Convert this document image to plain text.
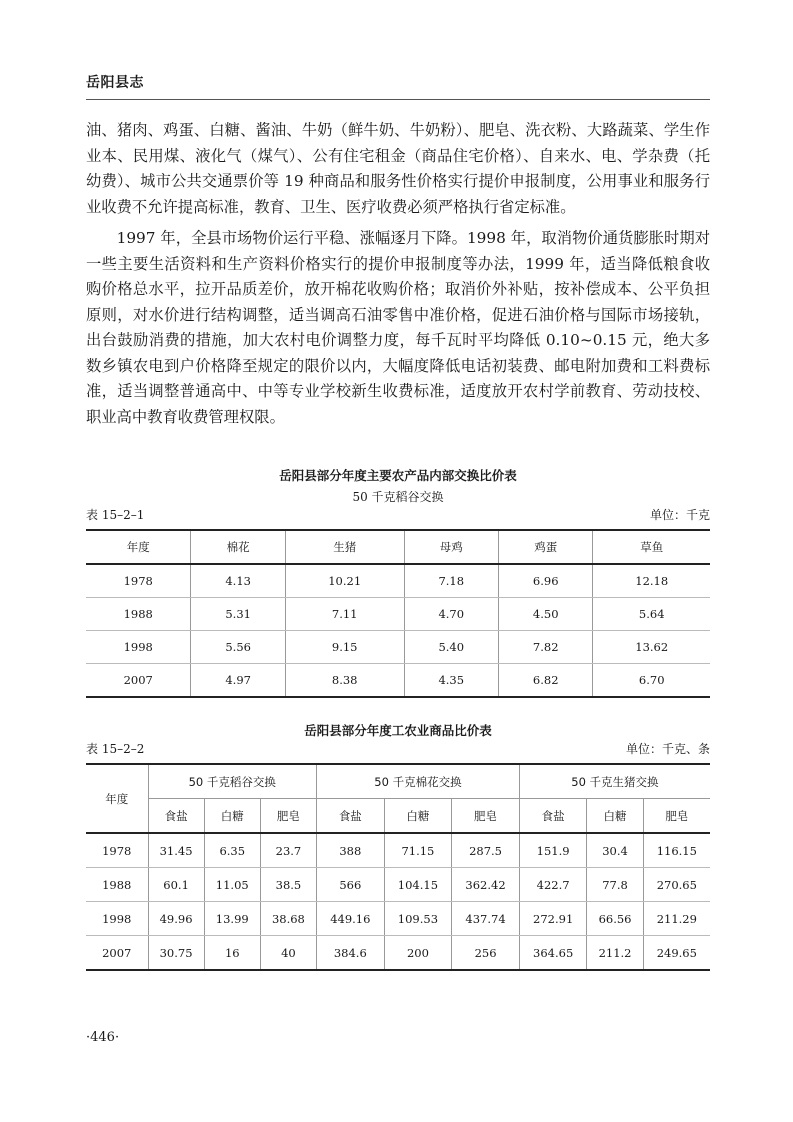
岳阳县志

油、猪肉、鸡蛋、白糖、酱油、牛奶（鲜牛奶、牛奶粉）、肥皂、洗衣粉、大路蔬菜、学生作业本、民用煤、液化气（煤气）、公有住宅租金（商品住宅价格）、自来水、电、学杂费（托幼费）、城市公共交通票价等 19 种商品和服务性价格实行提价申报制度，公用事业和服务行业收费不允许提高标准，教育、卫生、医疗收费必须严格执行省定标准。

1997 年，全县市场物价运行平稳、涨幅逐月下降。1998 年，取消物价通货膨胀时期对一些主要生活资料和生产资料价格实行的提价申报制度等办法，1999 年，适当降低粮食收购价格总水平，拉开品质差价，放开棉花收购价格；取消价外补贴，按补偿成本、公平负担原则，对水价进行结构调整，适当调高石油零售中准价格，促进石油价格与国际市场接轨，出台鼓励消费的措施，加大农村电价调整力度，每千瓦时平均降低 0.10~0.15 元，绝大多数乡镇农电到户价格降至规定的限价以内，大幅度降低电话初装费、邮电附加费和工料费标准，适当调整普通高中、中等专业学校新生收费标准，适度放开农村学前教育、劳动技校、职业高中教育收费管理权限。

岳阳县部分年度主要农产品内部交换比价表
50 千克稻谷交换
表 15–2–1	单位：千克
年度	棉花	生猪	母鸡	鸡蛋	草鱼
1978	4.13	10.21	7.18	6.96	12.18
1988	5.31	7.11	4.70	4.50	5.64
1998	5.56	9.15	5.40	7.82	13.62
2007	4.97	8.38	4.35	6.82	6.70
岳阳县部分年度工农业商品比价表
表 15–2–2	单位：千克、条
年度	50 千克稻谷交换			50 千克棉花交换			50 千克生猪交换		
	食盐	白糖	肥皂	食盐	白糖	肥皂	食盐	白糖	肥皂
1978	31.45	6.35	23.7	388	71.15	287.5	151.9	30.4	116.15
1988	60.1	11.05	38.5	566	104.15	362.42	422.7	77.8	270.65
1998	49.96	13.99	38.68	449.16	109.53	437.74	272.91	66.56	211.29
2007	30.75	16	40	384.6	200	256	364.65	211.2	249.65
·446·
